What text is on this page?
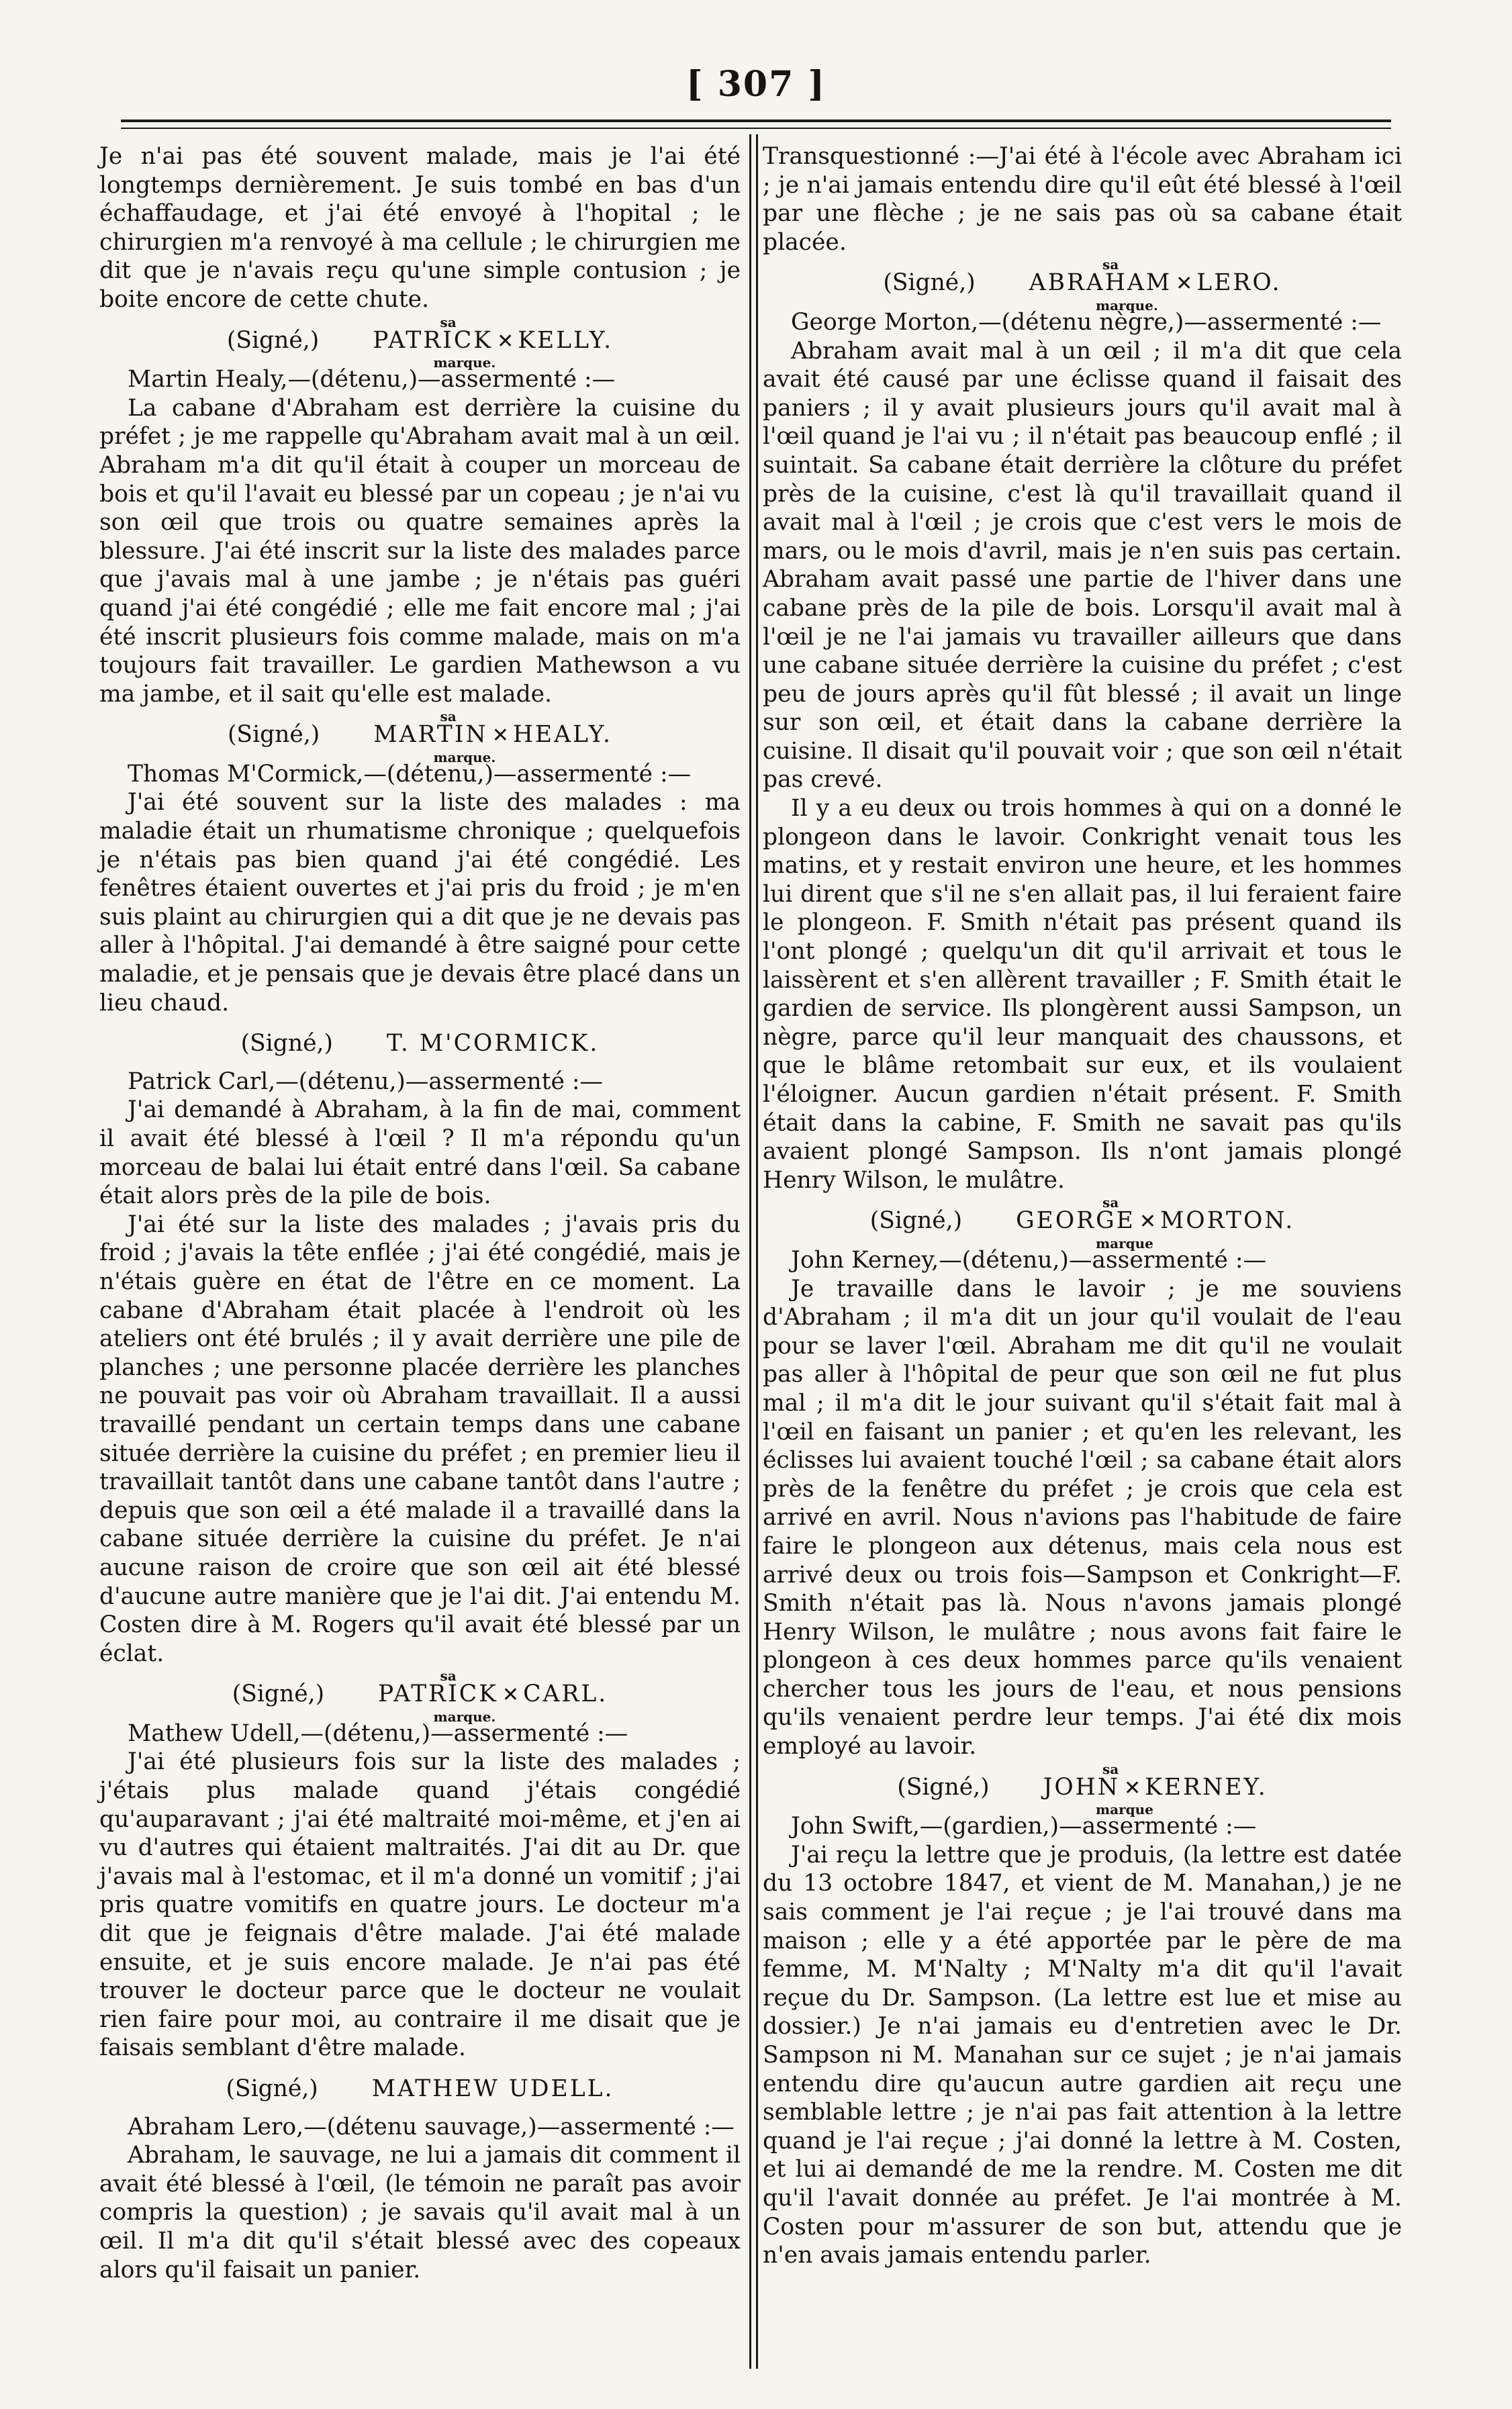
[ 307 ]

Je n'ai pas été souvent malade, mais je l'ai été longtemps dernièrement. Je suis tombé en bas d'un échaffaudage, et j'ai été envoyé à l'hopital ; le chirurgien m'a renvoyé à ma cellule ; le chirurgien me dit que je n'avais reçu qu'une simple contusion ; je boite encore de cette chute.

(Signé,) PATRICK ✕ KELLY.
sa
marque.

Martin Healy,—(détenu,)—assermenté :—

La cabane d'Abraham est derrière la cuisine du préfet ; je me rappelle qu'Abraham avait mal à un œil. Abraham m'a dit qu'il était à couper un morceau de bois et qu'il l'avait eu blessé par un copeau ; je n'ai vu son œil que trois ou quatre semaines après la blessure. J'ai été inscrit sur la liste des malades parce que j'avais mal à une jambe ; je n'étais pas guéri quand j'ai été congédié ; elle me fait encore mal ; j'ai été inscrit plusieurs fois comme malade, mais on m'a toujours fait travailler. Le gardien Mathewson a vu ma jambe, et il sait qu'elle est malade.

(Signé,) MARTIN ✕ HEALY.
sa
marque.

Thomas M'Cormick,—(détenu,)—assermenté :—

J'ai été souvent sur la liste des malades : ma maladie était un rhumatisme chronique ; quelquefois je n'étais pas bien quand j'ai été congédié. Les fenêtres étaient ouvertes et j'ai pris du froid ; je m'en suis plaint au chirurgien qui a dit que je ne devais pas aller à l'hôpital. J'ai demandé à être saigné pour cette maladie, et je pensais que je devais être placé dans un lieu chaud.

(Signé,) T. M'CORMICK.

Patrick Carl,—(détenu,)—assermenté :—

J'ai demandé à Abraham, à la fin de mai, comment il avait été blessé à l'œil ? Il m'a répondu qu'un morceau de balai lui était entré dans l'œil. Sa cabane était alors près de la pile de bois.

J'ai été sur la liste des malades ; j'avais pris du froid ; j'avais la tête enflée ; j'ai été congédié, mais je n'étais guère en état de l'être en ce moment. La cabane d'Abraham était placée à l'endroit où les ateliers ont été brulés ; il y avait derrière une pile de planches ; une personne placée derrière les planches ne pouvait pas voir où Abraham travaillait. Il a aussi travaillé pendant un certain temps dans une cabane située derrière la cuisine du préfet ; en premier lieu il travaillait tantôt dans une cabane tantôt dans l'autre ; depuis que son œil a été malade il a travaillé dans la cabane située derrière la cuisine du préfet. Je n'ai aucune raison de croire que son œil ait été blessé d'aucune autre manière que je l'ai dit. J'ai entendu M. Costen dire à M. Rogers qu'il avait été blessé par un éclat.

(Signé,) PATRICK ✕ CARL.
sa
marque.

Mathew Udell,—(détenu,)—assermenté :—

J'ai été plusieurs fois sur la liste des malades ; j'étais plus malade quand j'étais congédié qu'auparavant ; j'ai été maltraité moi-même, et j'en ai vu d'autres qui étaient maltraités. J'ai dit au Dr. que j'avais mal à l'estomac, et il m'a donné un vomitif ; j'ai pris quatre vomitifs en quatre jours. Le docteur m'a dit que je feignais d'être malade. J'ai été malade ensuite, et je suis encore malade. Je n'ai pas été trouver le docteur parce que le docteur ne voulait rien faire pour moi, au contraire il me disait que je faisais semblant d'être malade.

(Signé,) MATHEW UDELL.

Abraham Lero,—(détenu sauvage,)—assermenté :—

Abraham, le sauvage, ne lui a jamais dit comment il avait été blessé à l'œil, (le témoin ne paraît pas avoir compris la question) ; je savais qu'il avait mal à un œil. Il m'a dit qu'il s'était blessé avec des copeaux alors qu'il faisait un panier.

Transquestionné :—J'ai été à l'école avec Abraham ici ; je n'ai jamais entendu dire qu'il eût été blessé à l'œil par une flèche ; je ne sais pas où sa cabane était placée.

(Signé,) ABRAHAM ✕ LERO.
sa
marque.

George Morton,—(détenu nègre,)—assermenté :—

Abraham avait mal à un œil ; il m'a dit que cela avait été causé par une éclisse quand il faisait des paniers ; il y avait plusieurs jours qu'il avait mal à l'œil quand je l'ai vu ; il n'était pas beaucoup enflé ; il suintait. Sa cabane était derrière la clôture du préfet près de la cuisine, c'est là qu'il travaillait quand il avait mal à l'œil ; je crois que c'est vers le mois de mars, ou le mois d'avril, mais je n'en suis pas certain. Abraham avait passé une partie de l'hiver dans une cabane près de la pile de bois. Lorsqu'il avait mal à l'œil je ne l'ai jamais vu travailler ailleurs que dans une cabane située derrière la cuisine du préfet ; c'est peu de jours après qu'il fût blessé ; il avait un linge sur son œil, et était dans la cabane derrière la cuisine. Il disait qu'il pouvait voir ; que son œil n'était pas crevé.

Il y a eu deux ou trois hommes à qui on a donné le plongeon dans le lavoir. Conkright venait tous les matins, et y restait environ une heure, et les hommes lui dirent que s'il ne s'en allait pas, il lui feraient faire le plongeon. F. Smith n'était pas présent quand ils l'ont plongé ; quelqu'un dit qu'il arrivait et tous le laissèrent et s'en allèrent travailler ; F. Smith était le gardien de service. Ils plongèrent aussi Sampson, un nègre, parce qu'il leur manquait des chaussons, et que le blâme retombait sur eux, et ils voulaient l'éloigner. Aucun gardien n'était présent. F. Smith était dans la cabine, F. Smith ne savait pas qu'ils avaient plongé Sampson. Ils n'ont jamais plongé Henry Wilson, le mulâtre.

(Signé,) GEORGE ✕ MORTON.
sa
marque

John Kerney,—(détenu,)—assermenté :—

Je travaille dans le lavoir ; je me souviens d'Abraham ; il m'a dit un jour qu'il voulait de l'eau pour se laver l'œil. Abraham me dit qu'il ne voulait pas aller à l'hôpital de peur que son œil ne fut plus mal ; il m'a dit le jour suivant qu'il s'était fait mal à l'œil en faisant un panier ; et qu'en les relevant, les éclisses lui avaient touché l'œil ; sa cabane était alors près de la fenêtre du préfet ; je crois que cela est arrivé en avril. Nous n'avions pas l'habitude de faire faire le plongeon aux détenus, mais cela nous est arrivé deux ou trois fois—Sampson et Conkright—F. Smith n'était pas là. Nous n'avons jamais plongé Henry Wilson, le mulâtre ; nous avons fait faire le plongeon à ces deux hommes parce qu'ils venaient chercher tous les jours de l'eau, et nous pensions qu'ils venaient perdre leur temps. J'ai été dix mois employé au lavoir.

(Signé,) JOHN ✕ KERNEY.
sa
marque

John Swift,—(gardien,)—assermenté :—

J'ai reçu la lettre que je produis, (la lettre est datée du 13 octobre 1847, et vient de M. Manahan,) je ne sais comment je l'ai reçue ; je l'ai trouvé dans ma maison ; elle y a été apportée par le père de ma femme, M. M'Nalty ; M'Nalty m'a dit qu'il l'avait reçue du Dr. Sampson. (La lettre est lue et mise au dossier.) Je n'ai jamais eu d'entretien avec le Dr. Sampson ni M. Manahan sur ce sujet ; je n'ai jamais entendu dire qu'aucun autre gardien ait reçu une semblable lettre ; je n'ai pas fait attention à la lettre quand je l'ai reçue ; j'ai donné la lettre à M. Costen, et lui ai demandé de me la rendre. M. Costen me dit qu'il l'avait donnée au préfet. Je l'ai montrée à M. Costen pour m'assurer de son but, attendu que je n'en avais jamais entendu parler.
